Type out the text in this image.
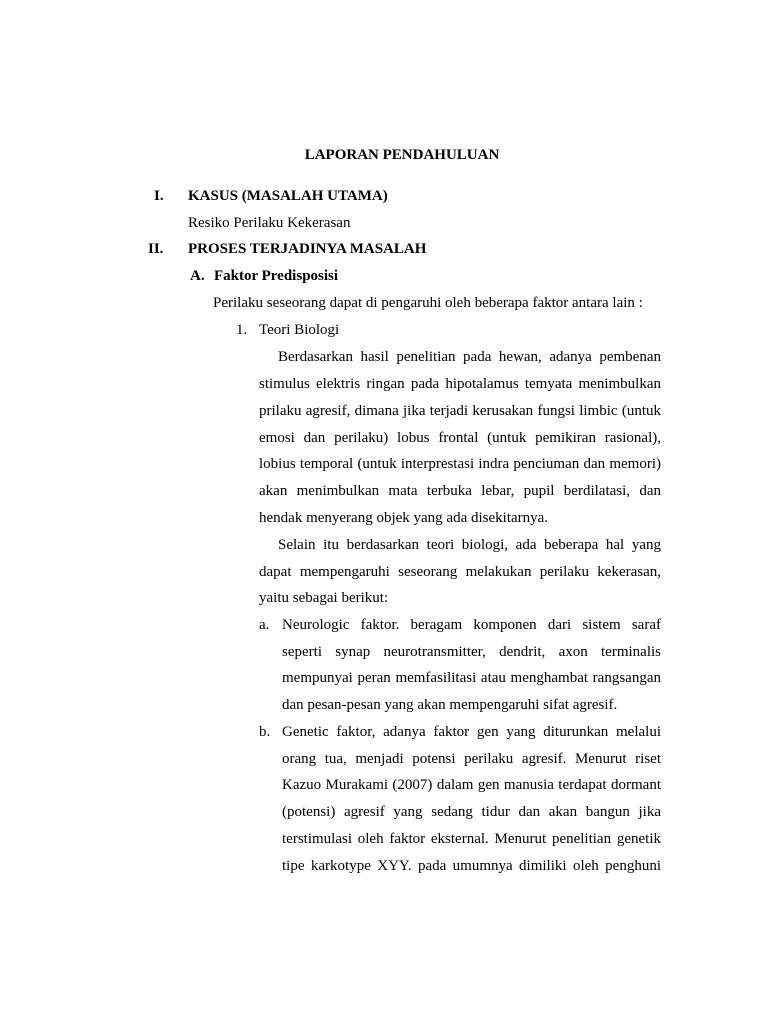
LAPORAN PENDAHULUAN
I. KASUS (MASALAH UTAMA)
Resiko Perilaku Kekerasan
II. PROSES TERJADINYA MASALAH
A. Faktor Predisposisi
Perilaku seseorang dapat di pengaruhi oleh beberapa faktor antara lain :
1. Teori Biologi
Berdasarkan hasil penelitian pada hewan, adanya pembenan
stimulus elektris ringan pada hipotalamus temyata menimbulkan
prilaku agresif, dimana jika terjadi kerusakan fungsi limbic (untuk
emosi dan perilaku) lobus frontal (untuk pemikiran rasional),
lobius temporal (untuk interprestasi indra penciuman dan memori)
akan menimbulkan mata terbuka lebar, pupil berdilatasi, dan
hendak menyerang objek yang ada disekitarnya.
Selain itu berdasarkan teori biologi, ada beberapa hal yang
dapat mempengaruhi seseorang melakukan perilaku kekerasan,
yaitu sebagai berikut:
a. Neurologic faktor. beragam komponen dari sistem saraf
seperti synap neurotransmitter, dendrit, axon terminalis
mempunyai peran memfasilitasi atau menghambat rangsangan
dan pesan-pesan yang akan mempengaruhi sifat agresif.
b. Genetic faktor, adanya faktor gen yang diturunkan melalui
orang tua, menjadi potensi perilaku agresif. Menurut riset
Kazuo Murakami (2007) dalam gen manusia terdapat dormant
(potensi) agresif yang sedang tidur dan akan bangun jika
terstimulasi oleh faktor eksternal. Menurut penelitian genetik
tipe karkotype XYY. pada umumnya dimiliki oleh penghuni
